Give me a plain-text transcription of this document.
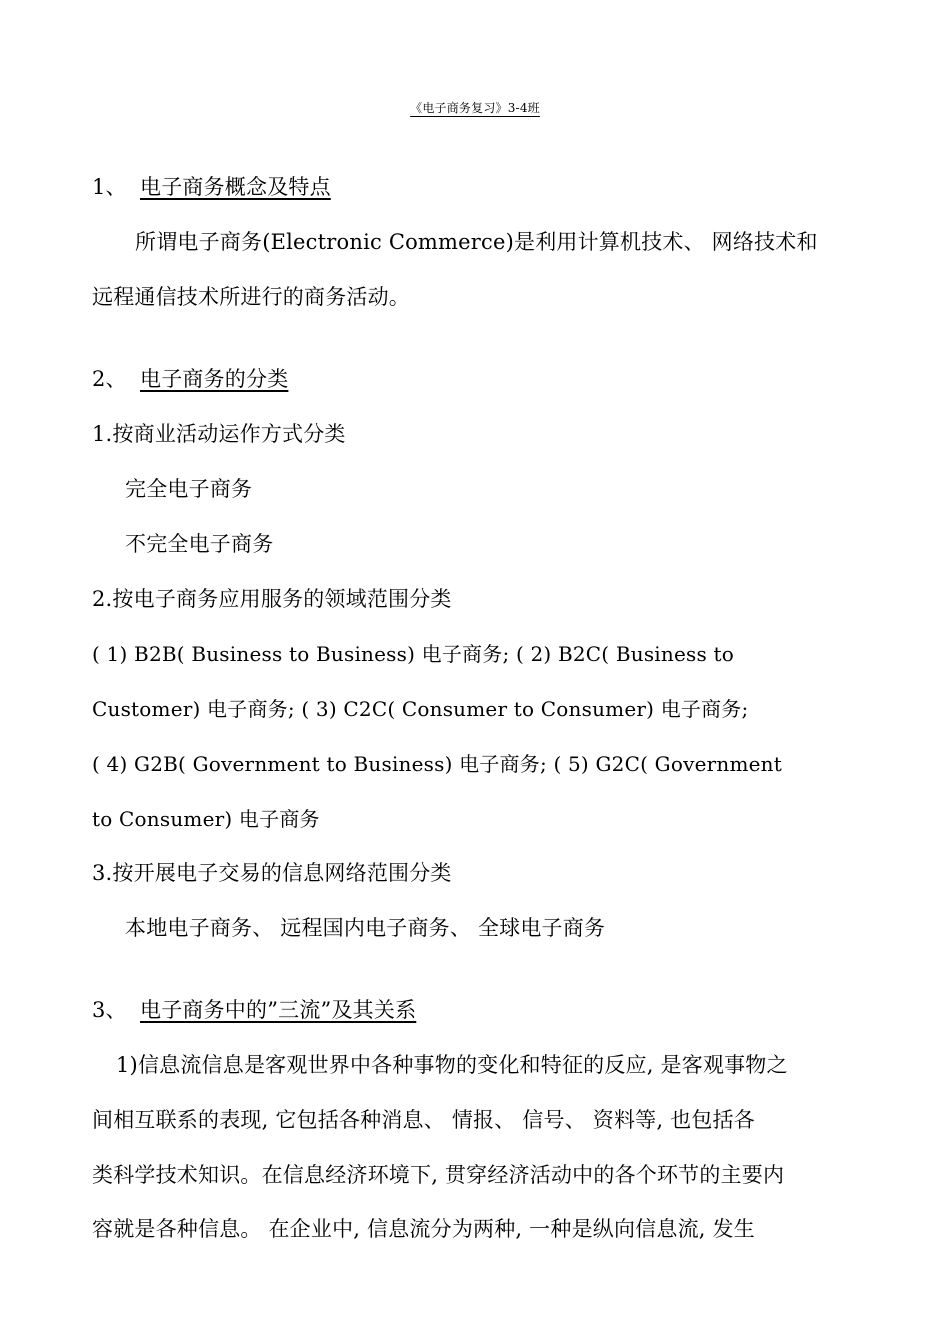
《电子商务复习》3-4班
1、 电子商务概念及特点
所谓电子商务(Electronic Commerce)是利用计算机技术、 网络技术和
远程通信技术所进行的商务活动。
2、 电子商务的分类
1.按商业活动运作方式分类
完全电子商务
不完全电子商务
2.按电子商务应用服务的领域范围分类
( 1) B2B( Business to Business) 电子商务; ( 2) B2C( Business to
Customer) 电子商务; ( 3) C2C( Consumer to Consumer) 电子商务;
( 4) G2B( Government to Business) 电子商务; ( 5) G2C( Government
to Consumer) 电子商务
3.按开展电子交易的信息网络范围分类
本地电子商务、 远程国内电子商务、 全球电子商务
3、 电子商务中的”三流”及其关系
1)信息流信息是客观世界中各种事物的变化和特征的反应, 是客观事物之
间相互联系的表现, 它包括各种消息、 情报、 信号、 资料等, 也包括各
类科学技术知识。在信息经济环境下, 贯穿经济活动中的各个环节的主要内
容就是各种信息。 在企业中, 信息流分为两种, 一种是纵向信息流, 发生
